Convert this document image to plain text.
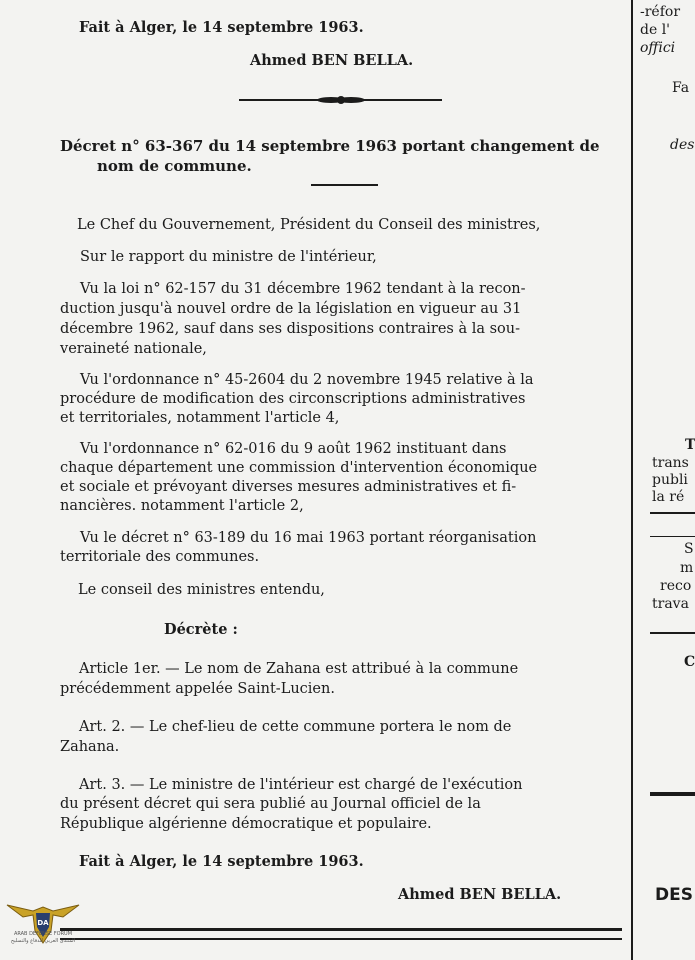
Fait à Alger, le 14 septembre 1963.
Ahmed BEN BELLA.
Décret n° 63-367 du 14 septembre 1963 portant changement de
nom de commune.
Le Chef du Gouvernement, Président du Conseil des ministres,
Sur le rapport du ministre de l'intérieur,
Vu la loi n° 62-157 du 31 décembre 1962 tendant à la recon-
duction jusqu'à nouvel ordre de la législation en vigueur au 31
décembre 1962, sauf dans ses dispositions contraires à la sou-
veraineté nationale,
Vu l'ordonnance n° 45-2604 du 2 novembre 1945 relative à la
procédure de modification des circonscriptions administratives
et territoriales, notamment l'article 4,
Vu l'ordonnance n° 62-016 du 9 août 1962 instituant dans
chaque département une commission d'intervention économique
et sociale et prévoyant diverses mesures administratives et fi-
nancières. notamment l'article 2,
Vu le décret n° 63-189 du 16 mai 1963 portant réorganisation
territoriale des communes.
Le conseil des ministres entendu,
Décrète :
Article 1er. — Le nom de Zahana est attribué à la commune
précédemment appelée Saint-Lucien.
Art. 2. — Le chef-lieu de cette commune portera le nom de
Zahana.
Art. 3. — Le ministre de l'intérieur est chargé de l'exécution
du présent décret qui sera publié au Journal officiel de la
République algérienne démocratique et populaire.
Fait à Alger, le 14 septembre 1963.
Ahmed BEN BELLA.
-réfor
de l'
offici
Fa
des
T
trans
publi
la ré
S
m
reco
trava
C
DES
DA
ARAB DEFENSE FORUM
المنتدى العربي للدفاع والتسليح
